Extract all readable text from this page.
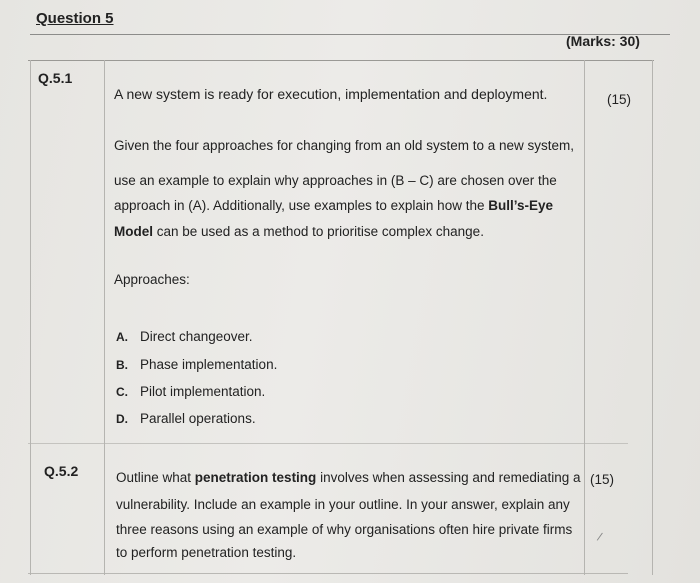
Question 5
(Marks: 30)
Q.5.1
A new system is ready for execution, implementation and deployment.	(15)
Given the four approaches for changing from an old system to a new system,
use an example to explain why approaches in (B – C) are chosen over the
approach in (A). Additionally, use examples to explain how the Bull’s-Eye
Model can be used as a method to prioritise complex change.
Approaches:
A. Direct changeover.
B. Phase implementation.
C. Pilot implementation.
D. Parallel operations.
Q.5.2
(15)
Outline what penetration testing involves when assessing and remediating a
vulnerability. Include an example in your outline. In your answer, explain any
three reasons using an example of why organisations often hire private firms
to perform penetration testing.
/
